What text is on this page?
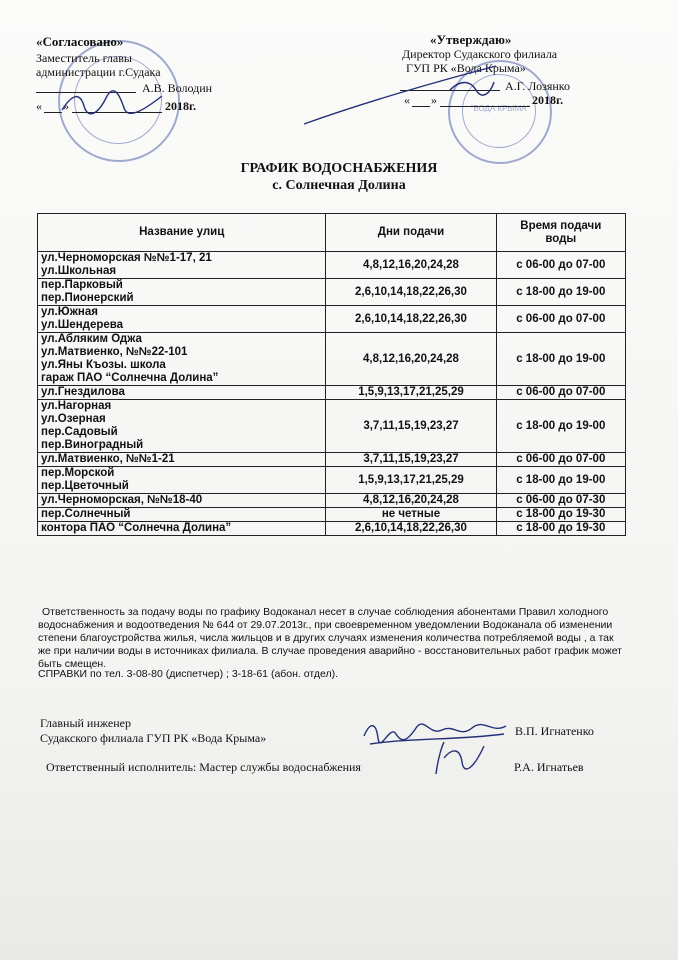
"ВОДА КРЫМА"
«Согласовано»
Заместитель главы
администрации г.Судака
А.В. Володин
« »	2018г.
«Утверждаю»
Директор Судакского филиала
ГУП РК «Вода Крыма»
А.Г. Лозянко
« »	2018г.
ГРАФИК ВОДОСНАБЖЕНИЯ
с. Солнечная Долина
Название улиц	Дни подачи	Время подачи
воды

ул.Черноморская №№1-17, 21
ул.Школьная	4,8,12,16,20,24,28	с 06-00 до 07-00

пер.Парковый
пер.Пионерский	2,6,10,14,18,22,26,30	с 18-00 до 19-00

ул.Южная
ул.Шендерева	2,6,10,14,18,22,26,30	с 06-00 до 07-00

ул.Абляким Оджа
ул.Матвиенко, №№22-101
ул.Яны Къозы. школа
гараж ПАО “Солнечна Долина”	4,8,12,16,20,24,28	с 18-00 до 19-00

ул.Гнездилова	1,5,9,13,17,21,25,29	с 06-00 до 07-00

ул.Нагорная
ул.Озерная
пер.Садовый
пер.Виноградный	3,7,11,15,19,23,27	с 18-00 до 19-00

ул.Матвиенко, №№1-21	3,7,11,15,19,23,27	с 06-00 до 07-00

пер.Морской
пер.Цветочный	1,5,9,13,17,21,25,29	с 18-00 до 19-00

ул.Черноморская, №№18-40	4,8,12,16,20,24,28	с 06-00 до 07-30

пер.Солнечный	не четные	с 18-00 до 19-30

контора ПАО “Солнечна Долина”	2,6,10,14,18,22,26,30	с 18-00 до 19-30
Ответственность за подачу воды по графику Водоканал несет в случае соблюдения абонентами Правил холодного водоснабжения и водоотведения № 644 от 29.07.2013г., при своевременном уведомлении Водоканала об изменении степени благоустройства жилья, числа жильцов и в других случаях изменения количества потребляемой воды , а так же при наличии воды в источниках филиала. В случае проведения аварийно - восстановительных работ график может быть смещен.
СПРАВКИ по тел. 3-08-80 (диспетчер) ; 3-18-61 (абон. отдел).
Главный инженер
Судакского филиала ГУП РК «Вода Крыма»	В.П. Игнатенко
Ответственный исполнитель: Мастер службы водоснабжения	Р.А. Игнатьев
